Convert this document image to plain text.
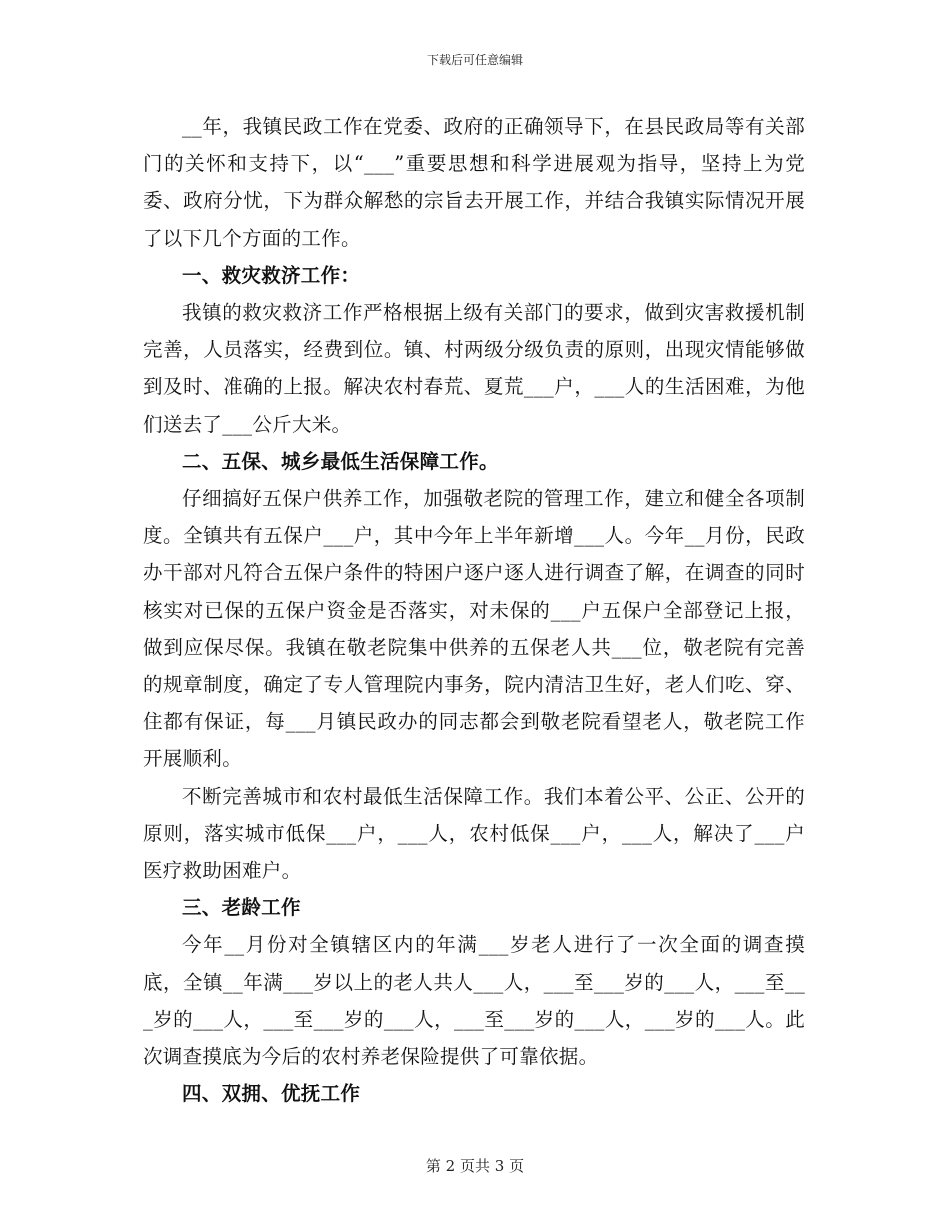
下载后可任意编辑

__年，我镇民政工作在党委、政府的正确领导下，在县民政局等有关部门的关怀和支持下，以“___”重要思想和科学进展观为指导，坚持上为党委、政府分忧，下为群众解愁的宗旨去开展工作，并结合我镇实际情况开展了以下几个方面的工作。

一、救灾救济工作：

我镇的救灾救济工作严格根据上级有关部门的要求，做到灾害救援机制完善，人员落实，经费到位。镇、村两级分级负责的原则，出现灾情能够做到及时、准确的上报。解决农村春荒、夏荒___户，___人的生活困难，为他们送去了___公斤大米。

二、五保、城乡最低生活保障工作。

仔细搞好五保户供养工作，加强敬老院的管理工作，建立和健全各项制度。全镇共有五保户___户，其中今年上半年新增___人。今年__月份，民政办干部对凡符合五保户条件的特困户逐户逐人进行调查了解，在调查的同时核实对已保的五保户资金是否落实，对未保的___户五保户全部登记上报，做到应保尽保。我镇在敬老院集中供养的五保老人共___位，敬老院有完善的规章制度，确定了专人管理院内事务，院内清洁卫生好，老人们吃、穿、住都有保证，每___月镇民政办的同志都会到敬老院看望老人，敬老院工作开展顺利。

不断完善城市和农村最低生活保障工作。我们本着公平、公正、公开的原则，落实城市低保___户，___人，农村低保___户，___人，解决了___户医疗救助困难户。

三、老龄工作

今年__月份对全镇辖区内的年满___岁老人进行了一次全面的调查摸底，全镇__年满___岁以上的老人共人___人，___至___岁的___人，___至___岁的___人，___至___岁的___人，___至___岁的___人，___岁的___人。此次调查摸底为今后的农村养老保险提供了可靠依据。

四、双拥、优抚工作

第 2 页共 3 页
